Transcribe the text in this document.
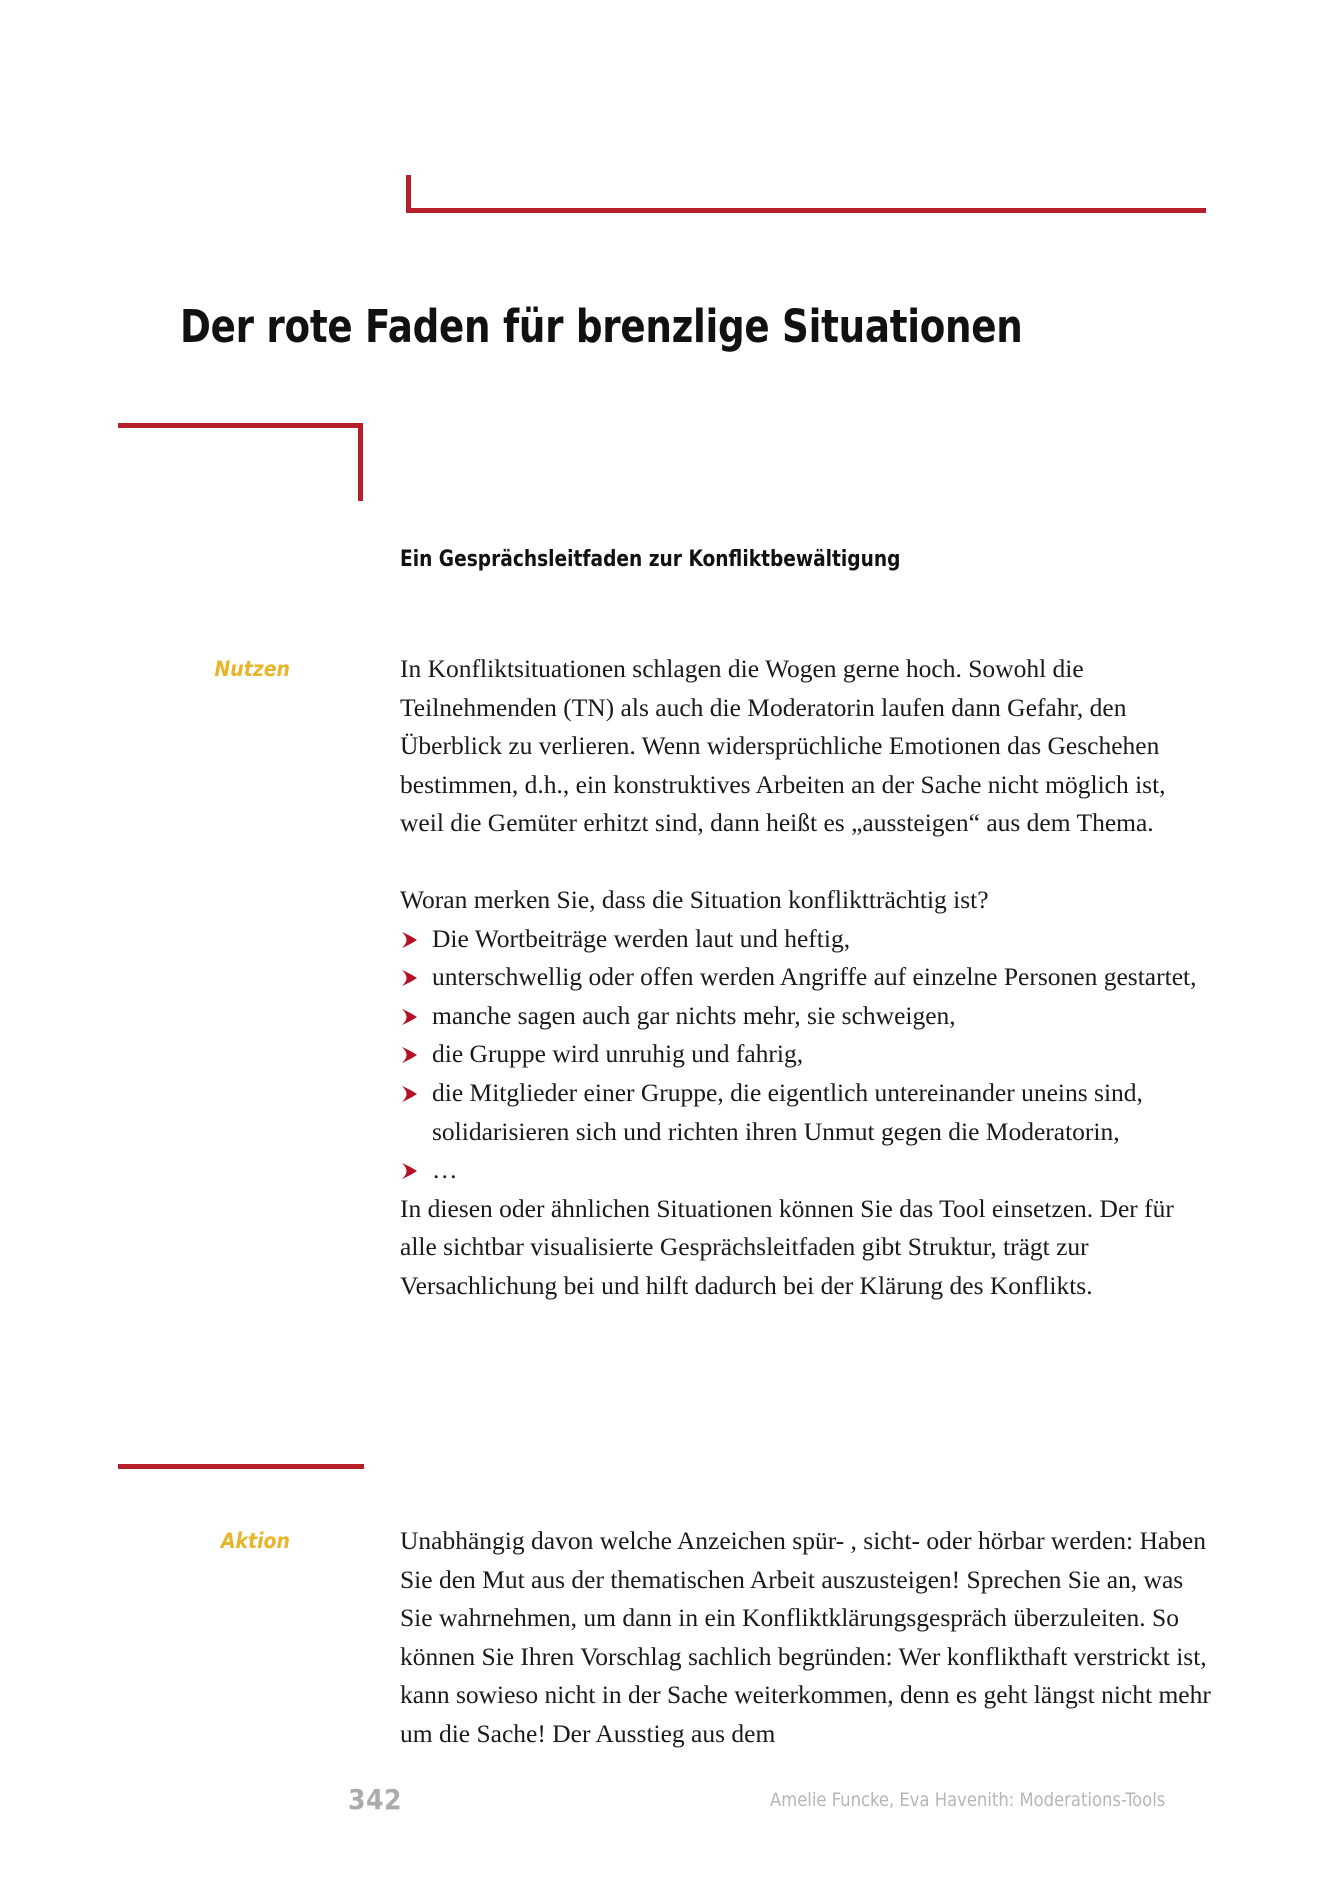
Der rote Faden für brenzlige Situationen
Ein Gesprächsleitfaden zur Konfliktbewältigung
Nutzen	In Konfliktsituationen schlagen die Wogen gerne hoch. Sowohl die Teilnehmenden (TN) als auch die Moderatorin laufen dann Gefahr, den Überblick zu verlieren. Wenn widersprüchliche Emotionen das Geschehen bestimmen, d.h., ein konstruktives Arbeiten an der Sache nicht möglich ist, weil die Gemüter erhitzt sind, dann heißt es „aussteigen“ aus dem Thema.

Woran merken Sie, dass die Situation konfliktträchtig ist?

Die Wortbeiträge werden laut und heftig,
unterschwellig oder offen werden Angriffe auf einzelne Personen gestartet,
manche sagen auch gar nichts mehr, sie schweigen,
die Gruppe wird unruhig und fahrig,
die Mitglieder einer Gruppe, die eigentlich untereinander uneins sind, solidarisieren sich und richten ihren Unmut gegen die Moderatorin,
…

In diesen oder ähnlichen Situationen können Sie das Tool einsetzen. Der für alle sichtbar visualisierte Gesprächsleitfaden gibt Struktur, trägt zur Versachlichung bei und hilft dadurch bei der Klärung des Konflikts.

Aktion	Unabhängig davon welche Anzeichen spür- , sicht- oder hörbar werden: Haben Sie den Mut aus der thematischen Arbeit auszusteigen! Sprechen Sie an, was Sie wahrnehmen, um dann in ein Konfliktklärungsgespräch überzuleiten. So können Sie Ihren Vorschlag sachlich begründen: Wer konflikthaft verstrickt ist, kann sowieso nicht in der Sache weiterkommen, denn es geht längst nicht mehr um die Sache! Der Ausstieg aus dem

342	Amelie Funcke, Eva Havenith: Moderations-Tools
